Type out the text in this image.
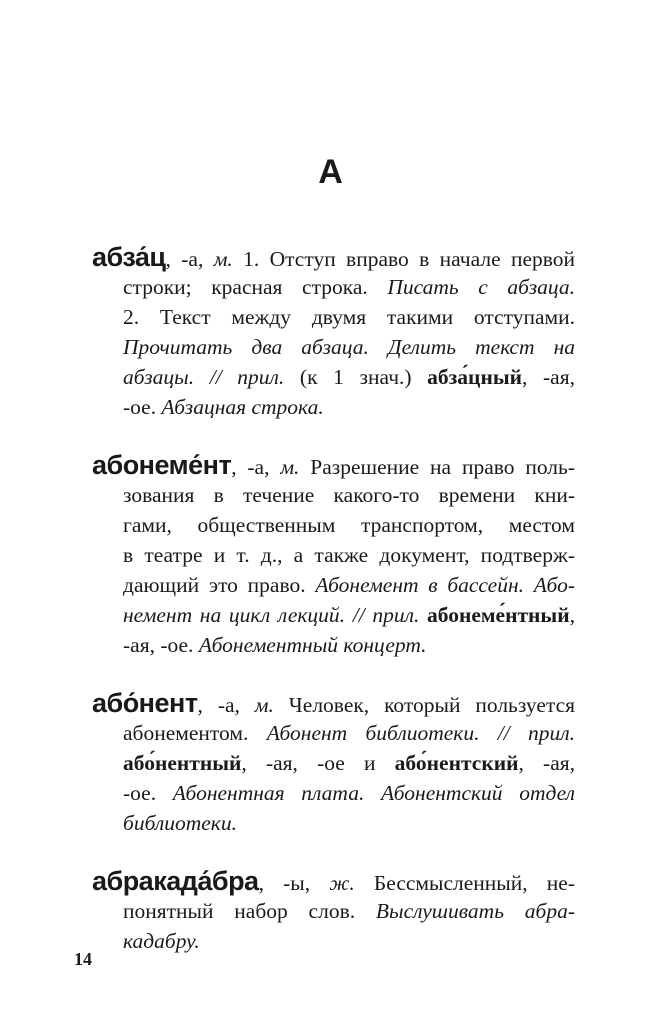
А
абза́ц, -а, м. 1. Отступ вправо в начале первой
строки; красная строка. Писать с абзаца.
2. Текст между двумя такими отступами.
Прочитать два абзаца. Делить текст на
абзацы. // прил. (к 1 знач.) абза́цный, -ая,
-ое. Абзацная строка.
абонеме́нт, -а, м. Разрешение на право поль-
зования в течение какого-то времени кни-
гами, общественным транспортом, местом
в театре и т. д., а также документ, подтверж-
дающий это право. Абонемент в бассейн. Або-
немент на цикл лекций. // прил. абонеме́нтный,
-ая, -ое. Абонементный концерт.
або́нент, -а, м. Человек, который пользуется
абонементом. Абонент библиотеки. // прил.
або́нентный, -ая, -ое и або́нентский, -ая,
-ое. Абонентная плата. Абонентский отдел
библиотеки.
абракада́бра, -ы, ж. Бессмысленный, не-
понятный набор слов. Выслушивать абра-
кадабру.
14
